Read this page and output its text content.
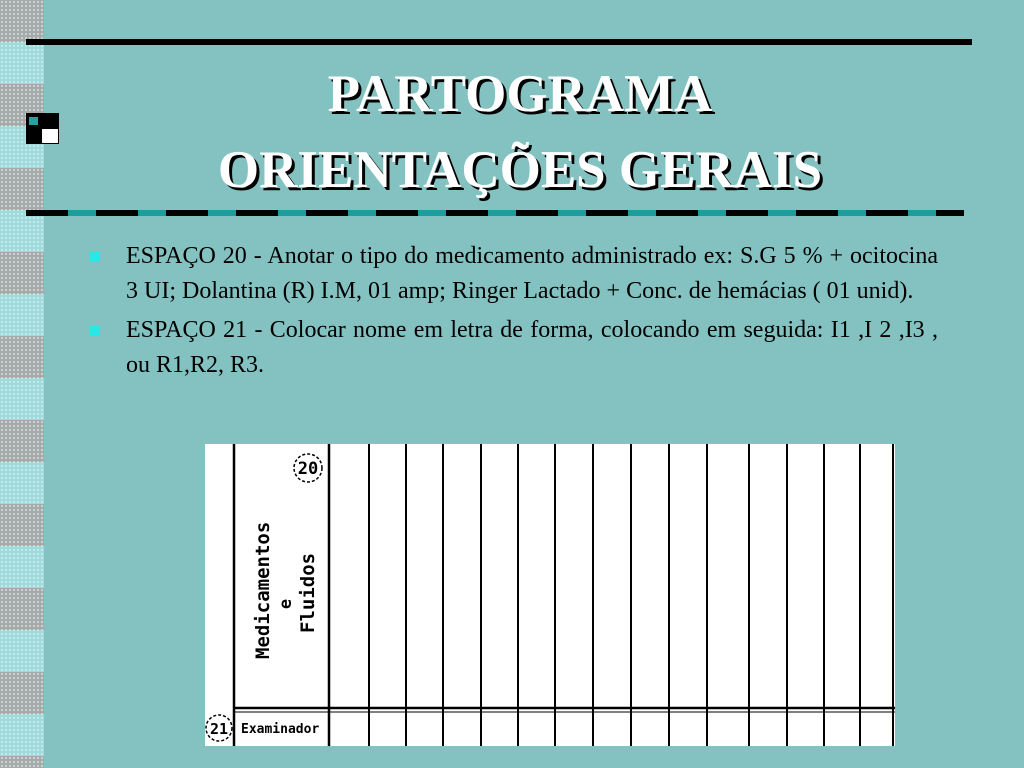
PARTOGRAMA
ORIENTAÇÕES GERAIS
ESPAÇO 20 - Anotar o tipo do medicamento administrado ex: S.G 5 % + ocitocina 3 UI; Dolantina (R) I.M, 01 amp; Ringer Lactado + Conc. de hemácias ( 01 unid).
ESPAÇO 21 - Colocar nome em letra de forma, colocando em seguida: I1 ,I 2 ,I3 , ou R1,R2, R3.
20
Medicamentos e Fluidos
21 Examinador
